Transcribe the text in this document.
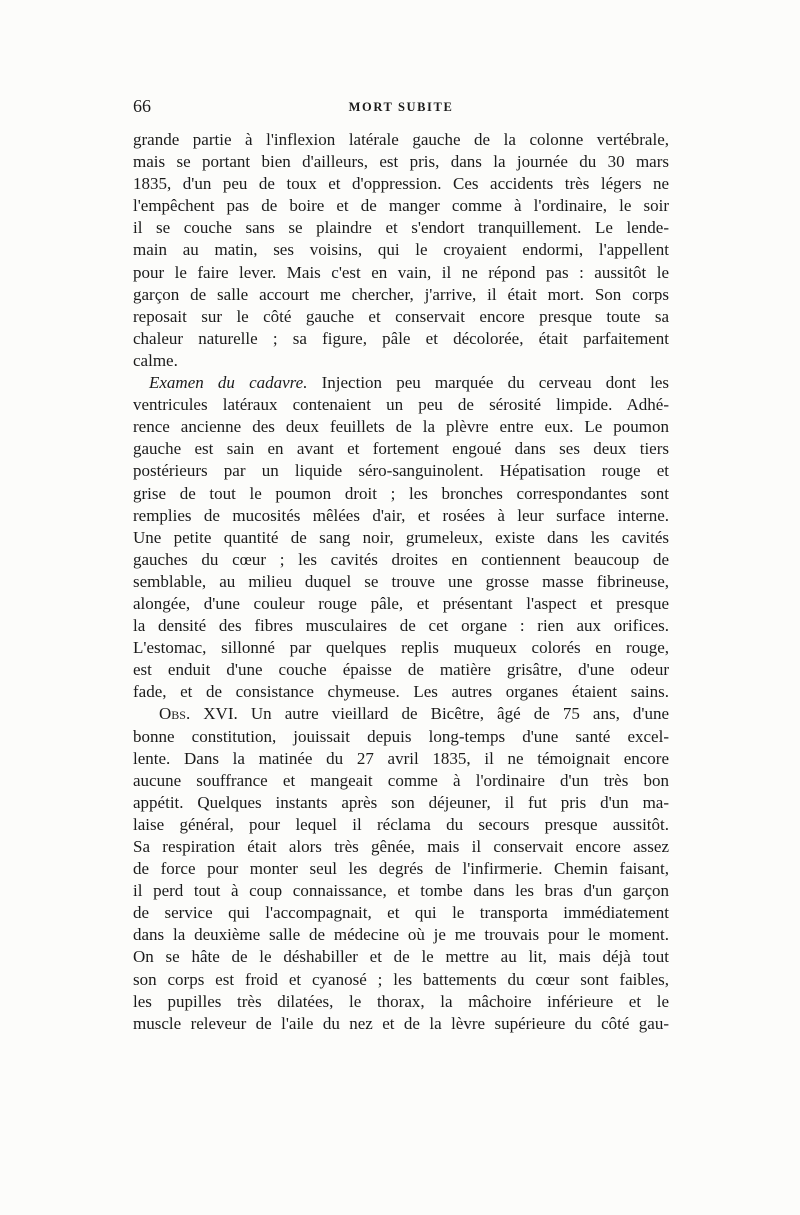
66	MORT SUBITE
grande partie à l'inflexion latérale gauche de la colonne vertébrale,
mais se portant bien d'ailleurs, est pris, dans la journée du 30 mars
1835, d'un peu de toux et d'oppression. Ces accidents très légers ne
l'empêchent pas de boire et de manger comme à l'ordinaire, le soir
il se couche sans se plaindre et s'endort tranquillement. Le lende-
main au matin, ses voisins, qui le croyaient endormi, l'appellent
pour le faire lever. Mais c'est en vain, il ne répond pas : aussitôt le
garçon de salle accourt me chercher, j'arrive, il était mort. Son corps
reposait sur le côté gauche et conservait encore presque toute sa
chaleur naturelle ; sa figure, pâle et décolorée, était parfaitement
calme.
Examen du cadavre. Injection peu marquée du cerveau dont les
ventricules latéraux contenaient un peu de sérosité limpide. Adhé-
rence ancienne des deux feuillets de la plèvre entre eux. Le poumon
gauche est sain en avant et fortement engoué dans ses deux tiers
postérieurs par un liquide séro-sanguinolent. Hépatisation rouge et
grise de tout le poumon droit ; les bronches correspondantes sont
remplies de mucosités mêlées d'air, et rosées à leur surface interne.
Une petite quantité de sang noir, grumeleux, existe dans les cavités
gauches du cœur ; les cavités droites en contiennent beaucoup de
semblable, au milieu duquel se trouve une grosse masse fibrineuse,
alongée, d'une couleur rouge pâle, et présentant l'aspect et presque
la densité des fibres musculaires de cet organe : rien aux orifices.
L'estomac, sillonné par quelques replis muqueux colorés en rouge,
est enduit d'une couche épaisse de matière grisâtre, d'une odeur
fade, et de consistance chymeuse. Les autres organes étaient sains.
Obs. XVI. Un autre vieillard de Bicêtre, âgé de 75 ans, d'une
bonne constitution, jouissait depuis long-temps d'une santé excel-
lente. Dans la matinée du 27 avril 1835, il ne témoignait encore
aucune souffrance et mangeait comme à l'ordinaire d'un très bon
appétit. Quelques instants après son déjeuner, il fut pris d'un ma-
laise général, pour lequel il réclama du secours presque aussitôt.
Sa respiration était alors très gênée, mais il conservait encore assez
de force pour monter seul les degrés de l'infirmerie. Chemin faisant,
il perd tout à coup connaissance, et tombe dans les bras d'un garçon
de service qui l'accompagnait, et qui le transporta immédiatement
dans la deuxième salle de médecine où je me trouvais pour le moment.
On se hâte de le déshabiller et de le mettre au lit, mais déjà tout
son corps est froid et cyanosé ; les battements du cœur sont faibles,
les pupilles très dilatées, le thorax, la mâchoire inférieure et le
muscle releveur de l'aile du nez et de la lèvre supérieure du côté gau-
